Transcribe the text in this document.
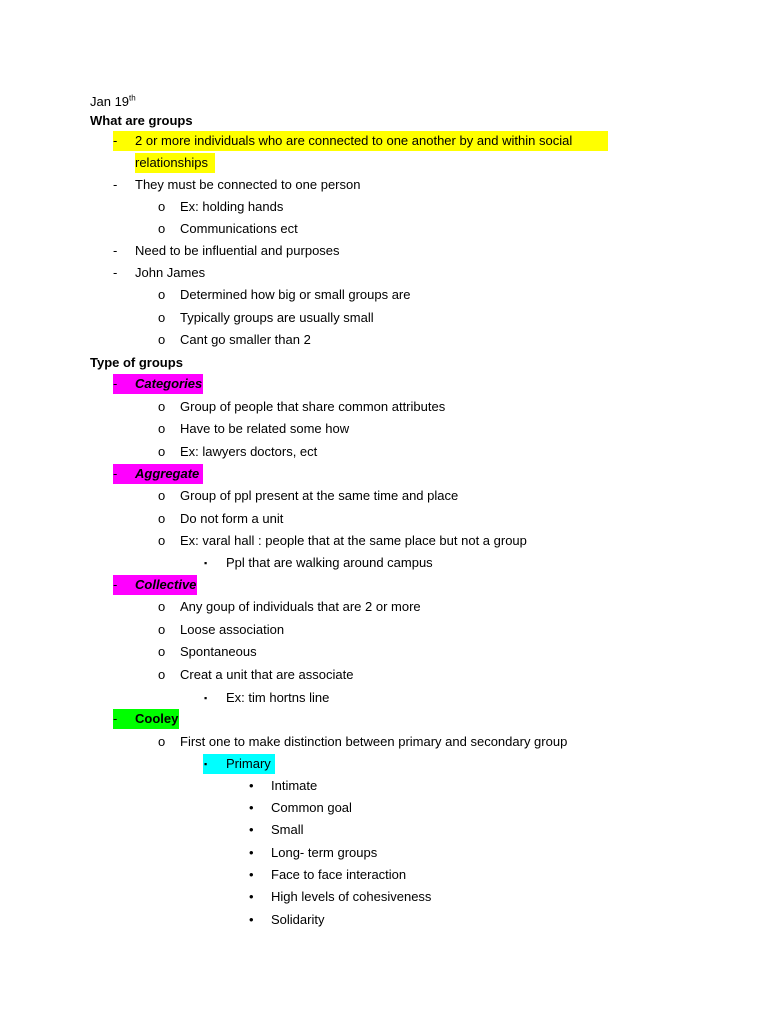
Jan 19th
What are groups
- 2 or more individuals who are connected to one another by and within social
relationships
- They must be connected to one person
o Ex: holding hands
o Communications ect
- Need to be influential and purposes
- John James
o Determined how big or small groups are
o Typically groups are usually small
o Cant go smaller than 2
Type of groups
- Categories
o Group of people that share common attributes
o Have to be related some how
o Ex: lawyers doctors, ect
- Aggregate
o Group of ppl present at the same time and place
o Do not form a unit
o Ex: varal hall : people that at the same place but not a group
▪ Ppl that are walking around campus
- Collective
o Any goup of individuals that are 2 or more
o Loose association
o Spontaneous
o Creat a unit that are associate
▪ Ex: tim hortns line
- Cooley
o First one to make distinction between primary and secondary group
▪ Primary
• Intimate
• Common goal
• Small
• Long- term groups
• Face to face interaction
• High levels of cohesiveness
• Solidarity
